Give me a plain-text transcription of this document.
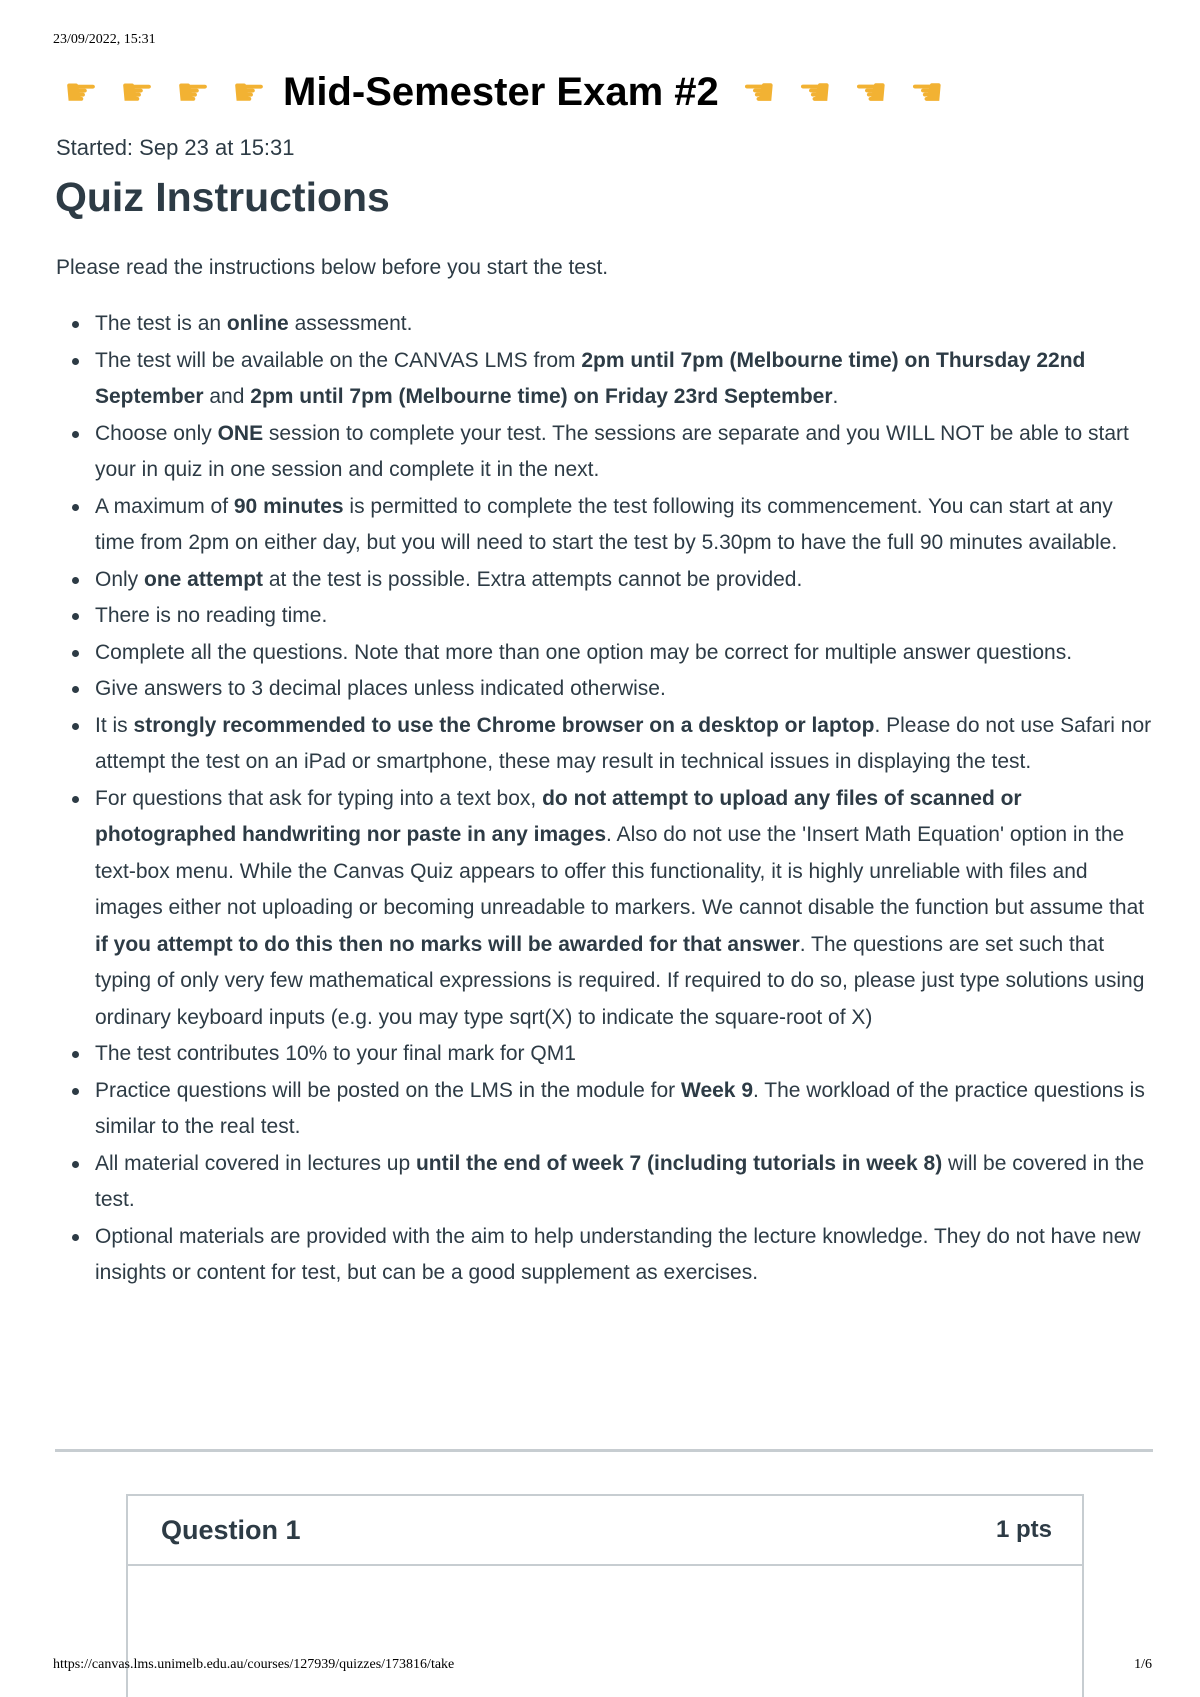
23/09/2022, 15:31
☛ ☛ ☛ ☛ Mid-Semester Exam #2 ☚ ☚ ☚ ☚
Started: Sep 23 at 15:31
Quiz Instructions
Please read the instructions below before you start the test.
The test is an online assessment.
The test will be available on the CANVAS LMS from 2pm until 7pm (Melbourne time) on Thursday 22nd September and 2pm until 7pm (Melbourne time) on Friday 23rd September.
Choose only ONE session to complete your test. The sessions are separate and you WILL NOT be able to start your in quiz in one session and complete it in the next.
A maximum of 90 minutes is permitted to complete the test following its commencement. You can start at any time from 2pm on either day, but you will need to start the test by 5.30pm to have the full 90 minutes available.
Only one attempt at the test is possible. Extra attempts cannot be provided.
There is no reading time.
Complete all the questions. Note that more than one option may be correct for multiple answer questions.
Give answers to 3 decimal places unless indicated otherwise.
It is strongly recommended to use the Chrome browser on a desktop or laptop. Please do not use Safari nor attempt the test on an iPad or smartphone, these may result in technical issues in displaying the test.
For questions that ask for typing into a text box, do not attempt to upload any files of scanned or photographed handwriting nor paste in any images. Also do not use the 'Insert Math Equation' option in the text-box menu. While the Canvas Quiz appears to offer this functionality, it is highly unreliable with files and images either not uploading or becoming unreadable to markers. We cannot disable the function but assume that if you attempt to do this then no marks will be awarded for that answer. The questions are set such that typing of only very few mathematical expressions is required. If required to do so, please just type solutions using ordinary keyboard inputs (e.g. you may type sqrt(X) to indicate the square-root of X)
The test contributes 10% to your final mark for QM1
Practice questions will be posted on the LMS in the module for Week 9. The workload of the practice questions is similar to the real test.
All material covered in lectures up until the end of week 7 (including tutorials in week 8) will be covered in the test.
Optional materials are provided with the aim to help understanding the lecture knowledge. They do not have new insights or content for test, but can be a good supplement as exercises.
Question 1	1 pts
https://canvas.lms.unimelb.edu.au/courses/127939/quizzes/173816/take	1/6
